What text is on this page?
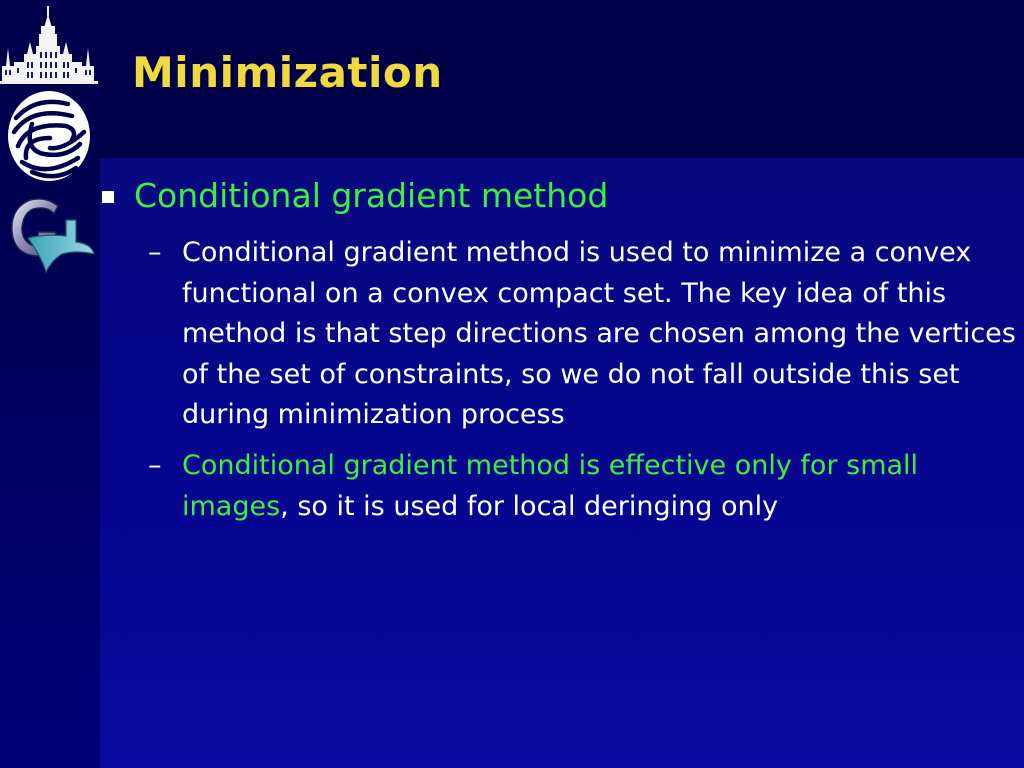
Minimization
Conditional gradient method
– Conditional gradient method is used to minimize a convex functional on a convex compact set. The key idea of this method is that step directions are chosen among the vertices of the set of constraints, so we do not fall outside this set during minimization process
– Conditional gradient method is effective only for small images, so it is used for local deringing only
